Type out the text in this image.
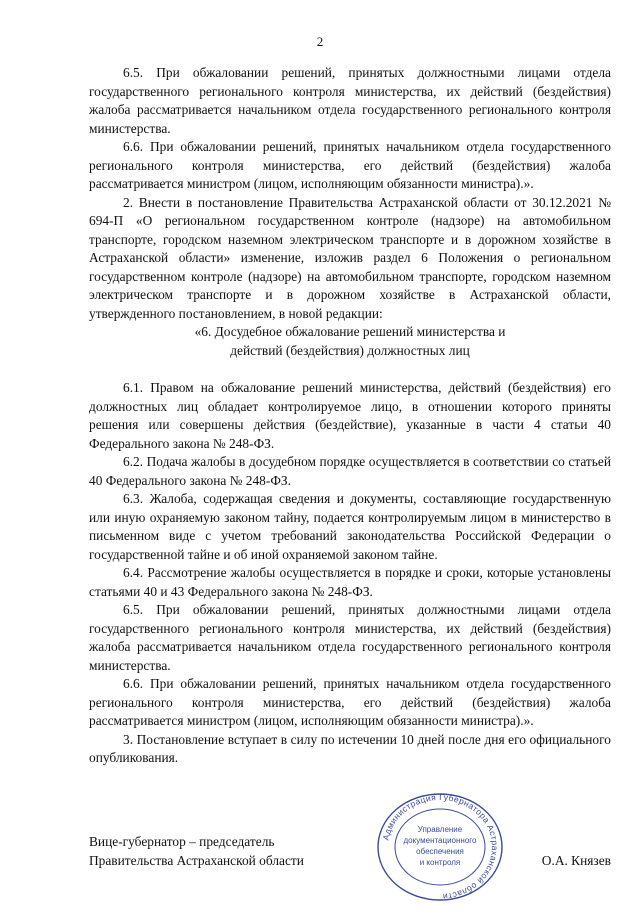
2

6.5. При обжаловании решений, принятых должностными лицами отдела государственного регионального контроля министерства, их действий (бездействия) жалоба рассматривается начальником отдела государственного регионального контроля министерства.

6.6. При обжаловании решений, принятых начальником отдела государственного регионального контроля министерства, его действий (бездействия) жалоба рассматривается министром (лицом, исполняющим обязанности министра).».

2. Внести в постановление Правительства Астраханской области от 30.12.2021 № 694-П «О региональном государственном контроле (надзоре) на автомобильном транспорте, городском наземном электрическом транспорте и в дорожном хозяйстве в Астраханской области» изменение, изложив раздел 6 Положения о региональном государственном контроле (надзоре) на автомобильном транспорте, городском наземном электрическом транспорте и в дорожном хозяйстве в Астраханской области, утвержденного постановлением, в новой редакции:

«6. Досудебное обжалование решений министерства и
действий (бездействия) должностных лиц

6.1. Правом на обжалование решений министерства, действий (бездействия) его должностных лиц обладает контролируемое лицо, в отношении которого приняты решения или совершены действия (бездействие), указанные в части 4 статьи 40 Федерального закона № 248-ФЗ.

6.2. Подача жалобы в досудебном порядке осуществляется в соответствии со статьей 40 Федерального закона № 248-ФЗ.

6.3. Жалоба, содержащая сведения и документы, составляющие государственную или иную охраняемую законом тайну, подается контролируемым лицом в министерство в письменном виде с учетом требований законодательства Российской Федерации о государственной тайне и об иной охраняемой законом тайне.

6.4. Рассмотрение жалобы осуществляется в порядке и сроки, которые установлены статьями 40 и 43 Федерального закона № 248-ФЗ.

6.5. При обжаловании решений, принятых должностными лицами отдела государственного регионального контроля министерства, их действий (бездействия) жалоба рассматривается начальником отдела государственного регионального контроля министерства.

6.6. При обжаловании решений, принятых начальником отдела государственного регионального контроля министерства, его действий (бездействия) жалоба рассматривается министром (лицом, исполняющим обязанности министра).».

3. Постановление вступает в силу по истечении 10 дней после дня его официального опубликования.

Вице-губернатор – председатель
Правительства Астраханской области	О.А. Князев
Администрация Губернатора Астраханской области
Управление
документационного
обеспечения
и контроля
